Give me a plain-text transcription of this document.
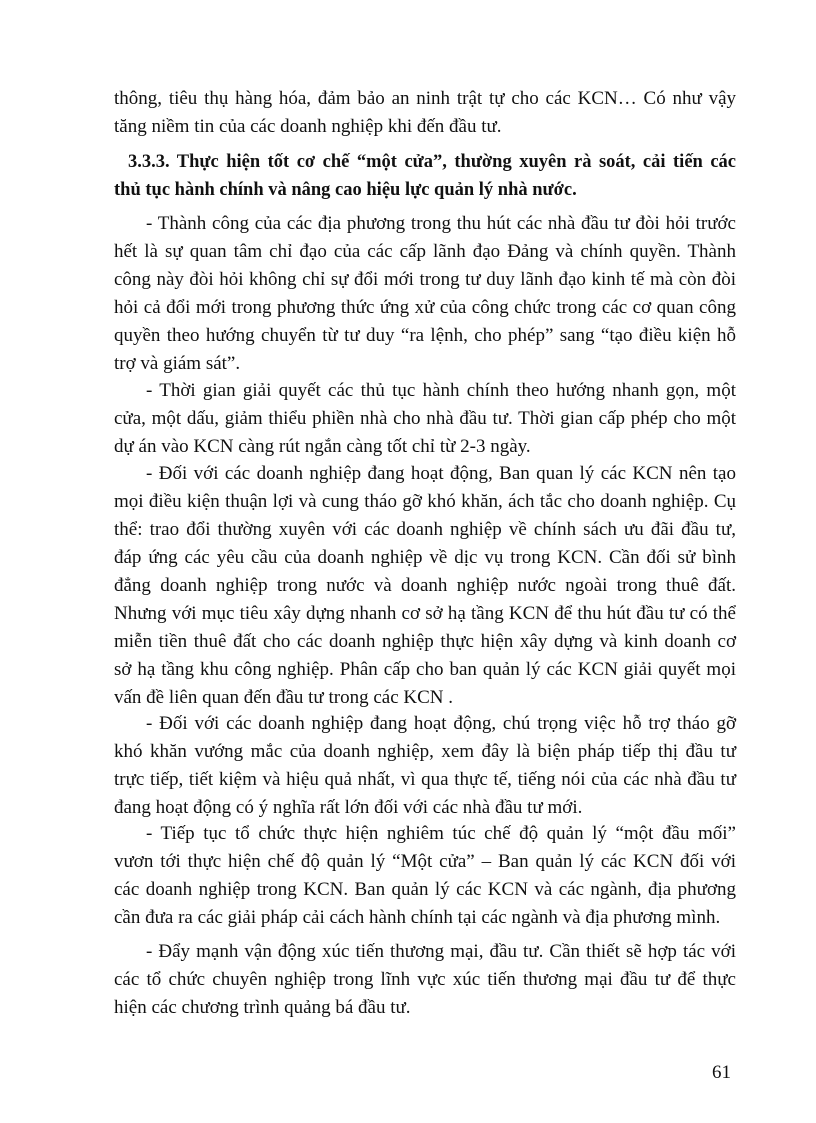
thông, tiêu thụ hàng hóa, đảm bảo an ninh trật tự cho các KCN… Có như vậy
tăng niềm tin của các doanh nghiệp khi đến đầu tư.
3.3.3. Thực hiện tốt cơ chế “một cửa”, thường xuyên rà soát, cải tiến các
thủ tục hành chính và nâng cao hiệu lực quản lý nhà nước.
- Thành công của các địa phương trong thu hút các nhà đầu tư đòi hỏi trước
hết là sự quan tâm chỉ đạo của các cấp lãnh đạo Đảng và chính quyền. Thành
công này đòi hỏi không chỉ sự đổi mới trong tư duy lãnh đạo kinh tế mà còn đòi
hỏi cả đổi mới trong phương thức ứng xử của công chức trong các cơ quan công
quyền theo hướng chuyển từ tư duy “ra lệnh, cho phép” sang “tạo điều kiện hỗ
trợ và giám sát”.
- Thời gian giải quyết các thủ tục hành chính theo hướng nhanh gọn, một
cửa, một dấu, giảm thiểu phiền nhà cho nhà đầu tư. Thời gian cấp phép cho một
dự án vào KCN càng rút ngắn càng tốt chỉ từ 2-3 ngày.
- Đối với các doanh nghiệp đang hoạt động, Ban quan lý các KCN nên tạo
mọi điều kiện thuận lợi và cung tháo gỡ khó khăn, ách tắc cho doanh nghiệp. Cụ
thể: trao đổi thường xuyên với các doanh nghiệp về chính sách ưu đãi đầu tư,
đáp ứng các yêu cầu của doanh nghiệp về dịc vụ trong KCN. Cần đối sử bình
đẳng doanh nghiệp trong nước và doanh nghiệp nước ngoài trong thuê đất.
Nhưng với mục tiêu xây dựng nhanh cơ sở hạ tầng KCN để thu hút đầu tư có thể
miễn tiền thuê đất cho các doanh nghiệp thực hiện xây dựng và kinh doanh cơ
sở hạ tầng khu công nghiệp. Phân cấp cho ban quản lý các KCN giải quyết mọi
vấn đề liên quan đến đầu tư trong các KCN .
- Đối với các doanh nghiệp đang hoạt động, chú trọng việc hỗ trợ tháo gỡ
khó khăn vướng mắc của doanh nghiệp, xem đây là biện pháp tiếp thị đầu tư
trực tiếp, tiết kiệm và hiệu quả nhất, vì qua thực tế, tiếng nói của các nhà đầu tư
đang hoạt động có ý nghĩa rất lớn đối với các nhà đầu tư mới.
- Tiếp tục tổ chức thực hiện nghiêm túc chế độ quản lý “một đầu mối”
vươn tới thực hiện chế độ quản lý “Một cửa” – Ban quản lý các KCN đối với
các doanh nghiệp trong KCN. Ban quản lý các KCN và các ngành, địa phương
cần đưa ra các giải pháp cải cách hành chính tại các ngành và địa phương mình.
- Đẩy mạnh vận động xúc tiến thương mại, đầu tư. Cần thiết sẽ hợp tác với
các tổ chức chuyên nghiệp trong lĩnh vực xúc tiến thương mại đầu tư để thực
hiện các chương trình quảng bá đầu tư.
61
